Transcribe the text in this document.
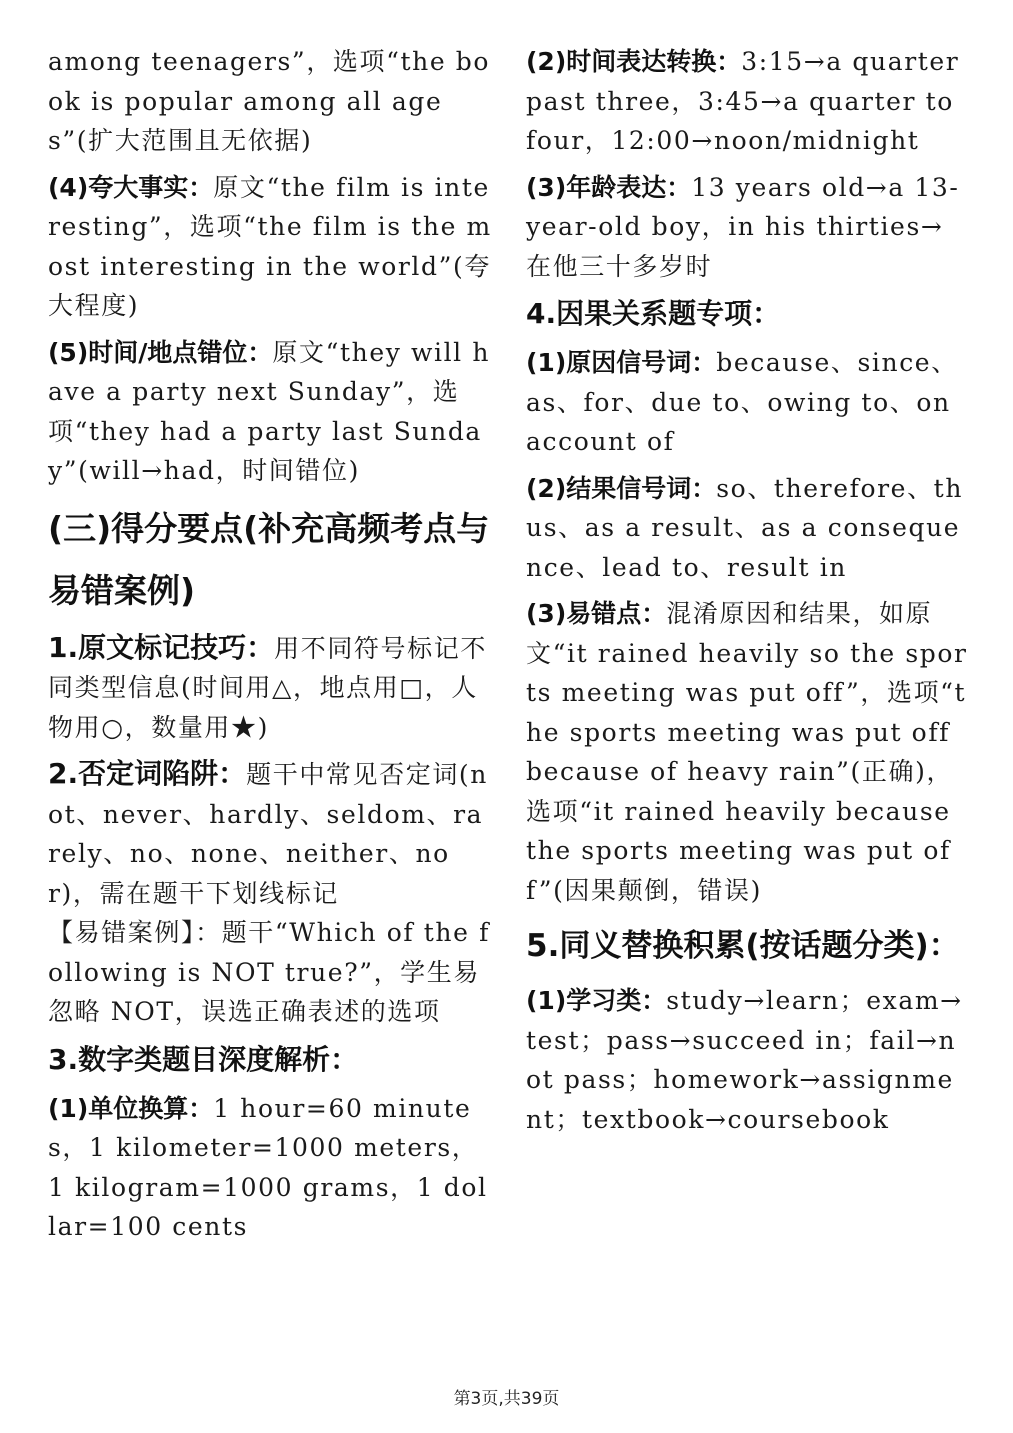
among teenagers”，选项“the book is popular among all ages”(扩大范围且无依据)

(4)夸大事实：原文“the film is interesting”，选项“the film is the most interesting in the world”(夸大程度)

(5)时间/地点错位：原文“they will have a party next Sunday”，选项“they had a party last Sunday”(will→had，时间错位)

(三)得分要点(补充高频考点与易错案例)

1.原文标记技巧：用不同符号标记不同类型信息(时间用△，地点用□，人物用○，数量用★)

2.否定词陷阱：题干中常见否定词(not、never、hardly、seldom、rarely、no、none、neither、nor)，需在题干下划线标记

【易错案例】：题干“Which of the following is NOT true?”，学生易忽略 NOT，误选正确表述的选项

3.数字类题目深度解析：

(1)单位换算：1 hour=60 minutes，1 kilometer=1000 meters，1 kilogram=1000 grams，1 dollar=100 cents

(2)时间表达转换：3:15→a quarter past three，3:45→a quarter to four，12:00→noon/midnight

(3)年龄表达：13 years old→a 13-year-old boy，in his thirties→在他三十多岁时

4.因果关系题专项：

(1)原因信号词：because、since、as、for、due to、owing to、on account of

(2)结果信号词：so、therefore、thus、as a result、as a consequence、lead to、result in

(3)易错点：混淆原因和结果，如原文“it rained heavily so the sports meeting was put off”，选项“the sports meeting was put off because of heavy rain”(正确)，选项“it rained heavily because the sports meeting was put off”(因果颠倒，错误)

5.同义替换积累(按话题分类)：

(1)学习类：study→learn；exam→test；pass→succeed in；fail→not pass；homework→assignment；textbook→coursebook

第3页,共39页
